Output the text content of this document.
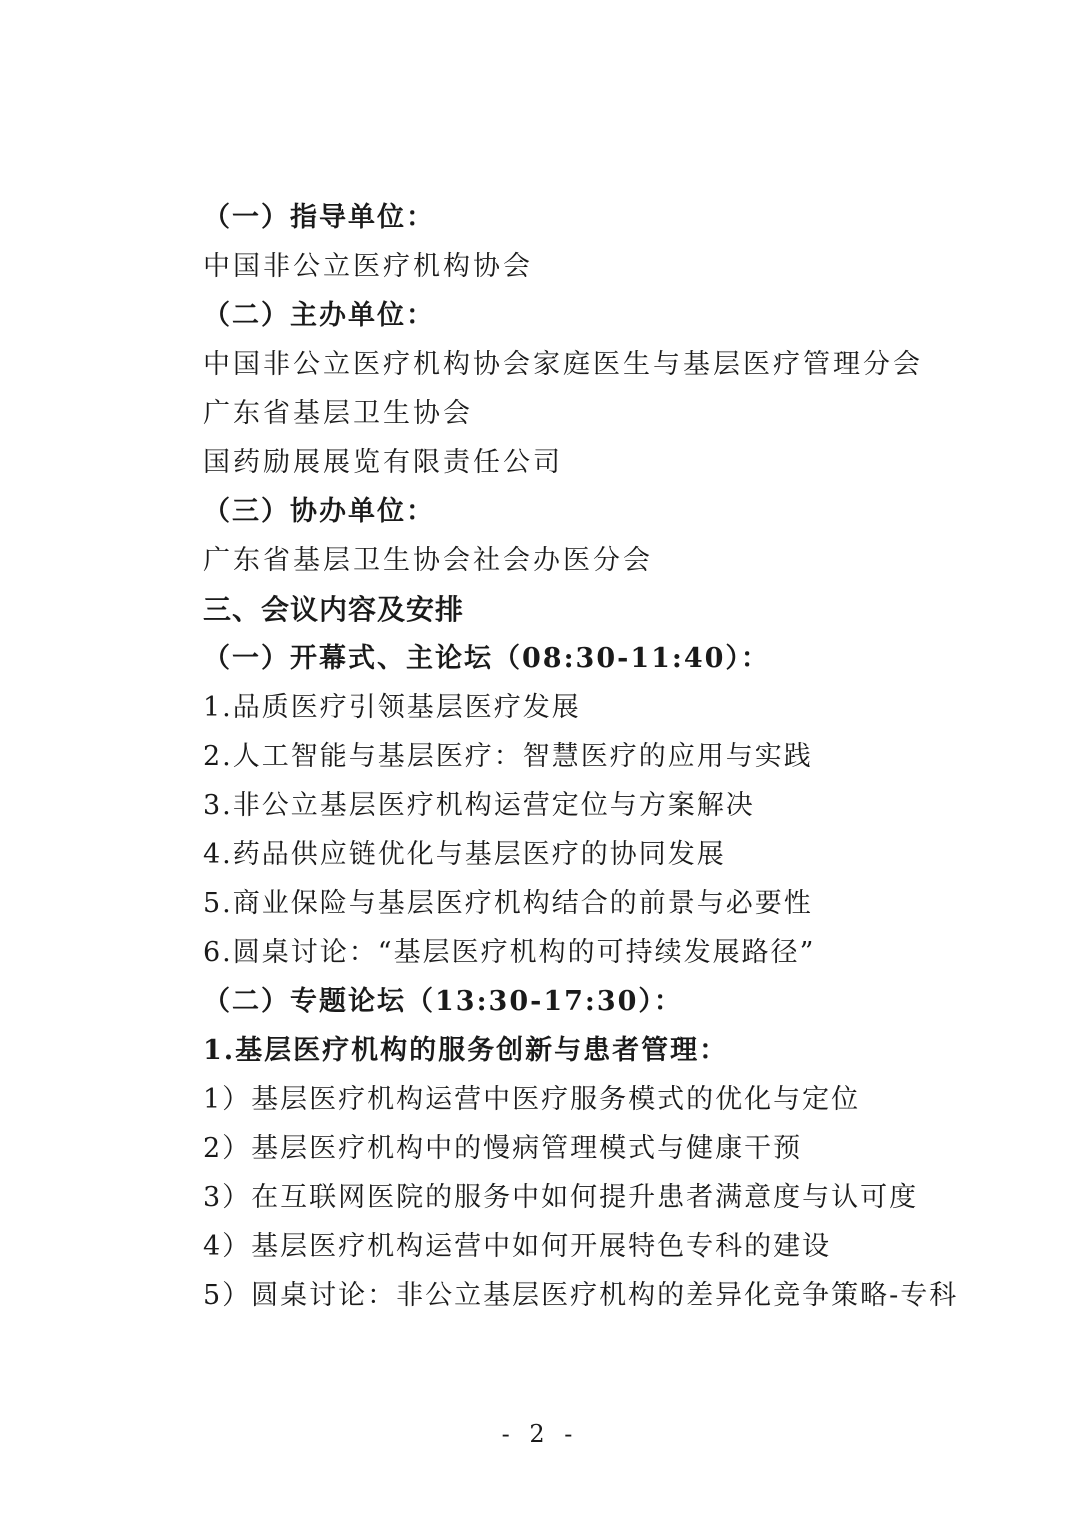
（一）指导单位：
中国非公立医疗机构协会
（二）主办单位：
中国非公立医疗机构协会家庭医生与基层医疗管理分会
广东省基层卫生协会
国药励展展览有限责任公司
（三）协办单位：
广东省基层卫生协会社会办医分会
三、会议内容及安排
（一）开幕式、主论坛（08:30-11:40）：
1.品质医疗引领基层医疗发展
2.人工智能与基层医疗：智慧医疗的应用与实践
3.非公立基层医疗机构运营定位与方案解决
4.药品供应链优化与基层医疗的协同发展
5.商业保险与基层医疗机构结合的前景与必要性
6.圆桌讨论：“基层医疗机构的可持续发展路径”
（二）专题论坛（13:30-17:30）：
1.基层医疗机构的服务创新与患者管理：
1）基层医疗机构运营中医疗服务模式的优化与定位
2）基层医疗机构中的慢病管理模式与健康干预
3）在互联网医院的服务中如何提升患者满意度与认可度
4）基层医疗机构运营中如何开展特色专科的建设
5）圆桌讨论：非公立基层医疗机构的差异化竞争策略-专科
- 2 -
